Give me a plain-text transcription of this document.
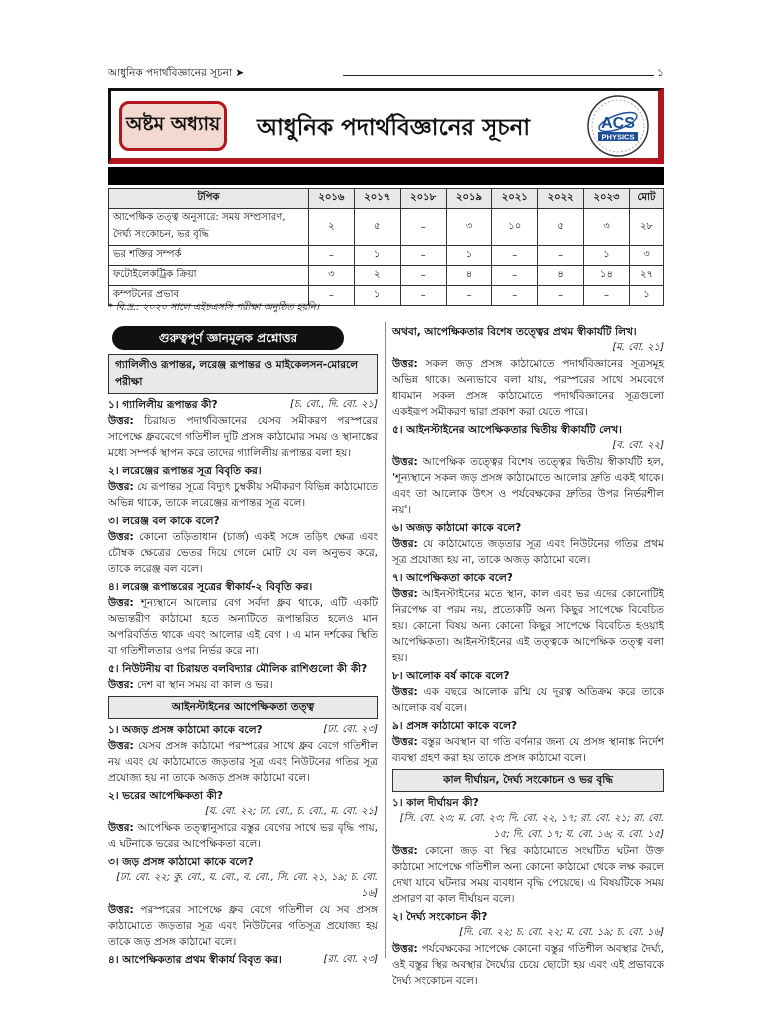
আধুনিক পদার্থবিজ্ঞানের সূচনা ➤	১
অষ্টম অধ্যায় আধুনিক পদার্থবিজ্ঞানের সূচনা	ACS
PHYSICS
টপিক	২০১৬	২০১৭	২০১৮	২০১৯	২০২১	২০২২	২০২৩	মোট
আপেক্ষিক তত্ত্ব অনুসারে: সময় সম্প্রসারণ, দৈর্ঘ্য সংকোচন, ভর বৃদ্ধি	২	৫	–	৩	১০	৫	৩	২৮
ভর শক্তির সম্পর্ক	–	১	–	১	–	–	১	৩
ফটোইলেকট্রিক ক্রিয়া	৩	২	–	৪	–	৪	১৪	২৭
কম্পটনের প্রভাব	–	১	–	–	–	–	–	১
* বি.দ্র.: ২০২০ সালে এইচএসসি পরীক্ষা অনুষ্ঠিত হয়নি।
গুরুত্বপূর্ণ জ্ঞানমূলক প্রশ্নোত্তর
গ্যালিলীও রূপান্তর, লরেঞ্জ রূপান্তর ও মাইকেলসন-মোরলে পরীক্ষা
১। গ্যালিলীয় রূপান্তর কী?	[চ. বো., দি. বো. ২১]

উত্তর: চিরায়ত পদার্থবিজ্ঞানের যেসব সমীকরণ পরস্পরের সাপেক্ষে ধ্রুববেগে গতিশীল দুটি প্রসঙ্গ কাঠামোর সময় ও স্থানাঙ্কের মধ্যে সম্পর্ক স্থাপন করে তাদের গ্যালিলীয় রূপান্তর বলা হয়।

২। লরেঞ্জের রূপান্তর সূত্র বিবৃতি কর।

উত্তর: যে রূপান্তর সূত্রে বিদ্যুৎ চুম্বকীয় সমীকরণ বিভিন্ন কাঠামোতে অভিন্ন থাকে, তাকে লরেঞ্জের রূপান্তর সূত্র বলে।

৩। লরেঞ্জ বল কাকে বলে?

উত্তর: কোনো তড়িতাধান (চার্জ) একই সঙ্গে তড়িৎ ক্ষেত্র এবং চৌম্বক ক্ষেত্রের ভেতর দিয়ে গেলে মোট যে বল অনুভব করে, তাকে লরেঞ্জ বল বলে।

৪। লরেঞ্জ রূপান্তরের সূত্রের স্বীকার্য-২ বিবৃতি কর।

উত্তর: শূন্যস্থানে আলোর বেগ সর্বদা ধ্রুব থাকে, এটি একটি অভ্যন্তরীণ কাঠামো হতে অন্যটিতে রূপান্তরিত হলেও মান অপরিবর্তিত থাকে এবং আলোর এই বেগ । এ মান দর্শকের স্থিতি বা গতিশীলতার ওপর নির্ভর করে না।

৫। নিউটনীয় বা চিরায়ত বলবিদ্যার মৌলিক রাশিগুলো কী কী?

উত্তর: দেশ বা স্থান সময় বা কাল ও ভর।

আইনস্টাইনের আপেক্ষিকতা তত্ত্ব
১। অজড় প্রসঙ্গ কাঠামো কাকে বলে?	[ঢা. বো. ২৩]

উত্তর: যেসব প্রসঙ্গ কাঠামো পরস্পরের সাথে ধ্রুব বেগে গতিশীল নয় এবং যে কাঠামোতে জড়তার সূত্র এবং নিউটনের গতির সূত্র প্রযোজ্য হয় না তাকে অজড় প্রসঙ্গ কাঠামো বলে।

২। ভরের আপেক্ষিকতা কী?
[য. বো. ২২; ঢা. বো., চ. বো., ম. বো. ২১]

উত্তর: আপেক্ষিক তত্ত্বানুসারে বস্তুর বেগের সাথে ভর বৃদ্ধি পায়, এ ঘটনাকে ভরের আপেক্ষিকতা বলে।

৩। জড় প্রসঙ্গ কাঠামো কাকে বলে?
[ঢা. বো. ২২; কু. বো., য. বো., ব. বো., সি. বো. ২১, ১৯; চ. বো. ১৬]

উত্তর: পরস্পরের সাপেক্ষে ধ্রুব বেগে গতিশীল যে সব প্রসঙ্গ কাঠামোতে জড়তার সূত্র এবং নিউটনের গতিসূত্র প্রযোজ্য হয় তাকে জড় প্রসঙ্গ কাঠামো বলে।

৪। আপেক্ষিকতার প্রথম স্বীকার্য বিবৃত কর।	[রা. বো. ২৩]
অথবা, আপেক্ষিকতার বিশেষ তত্ত্বের প্রথম স্বীকার্যটি লিখ।
[ম. বো. ২১]

উত্তর: সকল জড় প্রসঙ্গ কাঠামোতে পদার্থবিজ্ঞানের সূত্রসমূহ অভিন্ন থাকে। অন্যভাবে বলা যায়, পরস্পরের সাথে সমবেগে ধাবমান সকল প্রসঙ্গ কাঠামোতে পদার্থবিজ্ঞানের সূত্রগুলো একইরূপ সমীকরণ দ্বারা প্রকাশ করা যেতে পারে।

৫। আইনস্টাইনের আপেক্ষিকতার দ্বিতীয় স্বীকার্যটি লেখ।
[ব. বো. ২২]

উত্তর: আপেক্ষিক তত্ত্বের বিশেষ তত্ত্বের দ্বিতীয় স্বীকার্যটি হল, 'শূন্যস্থানে সকল জড় প্রসঙ্গ কাঠামোতে আলোর দ্রুতি একই থাকে। এবং তা আলোক উৎস ও পর্যবেক্ষকের দ্রুতির উপর নির্ভরশীল নয়'।

৬। অজড় কাঠামো কাকে বলে?

উত্তর: যে কাঠামোতে জড়তার সূত্র এবং নিউটনের গতির প্রথম সূত্র প্রযোজ্য হয় না, তাকে অজড় কাঠামো বলে।

৭। আপেক্ষিকতা কাকে বলে?

উত্তর: আইনস্টাইনের মতে স্থান, কাল এবং ভর এদের কোনোটিই নিরপেক্ষ বা পরম নয়, প্রত্যেকটি অন্য কিছুর সাপেক্ষে বিবেচিত হয়। কোনো বিষয় অন্য কোনো কিছুর সাপেক্ষে বিবেচিত হওয়াই আপেক্ষিকতা। আইনস্টাইনের এই তত্ত্বকে আপেক্ষিক তত্ত্ব বলা হয়।

৮। আলোক বর্ষ কাকে বলে?

উত্তর: এক বছরে আলোক রশ্মি যে দূরত্ব অতিক্রম করে তাকে আলোক বর্ষ বলে।

৯। প্রসঙ্গ কাঠামো কাকে বলে?

উত্তর: বস্তুর অবস্থান বা গতি বর্ণনার জন্য যে প্রসঙ্গ স্থানাঙ্ক নির্দেশ ব্যবস্থা গ্রহণ করা হয় তাকে প্রসঙ্গ কাঠামো বলে।

কাল দীর্ঘায়ন, দৈর্ঘ্য সংকোচন ও ভর বৃদ্ধি
১। কাল দীর্ঘায়ন কী?
[সি. বো. ২৩; ম. বো. ২৩; দি. বো. ২২, ১৭; রা. বো. ২১; রা. বো. ১৫; দি. বো. ১৭; য. বো. ১৬; ব. বো. ১৫]

উত্তর: কোনো জড় বা স্থির কাঠামোতে সংঘটিত ঘটনা উক্ত কাঠামো সাপেক্ষে গতিশীল অন্য কোনো কাঠামো থেকে লক্ষ করলে দেখা যাবে ঘটনার সময় ব্যবধান বৃদ্ধি পেয়েছে। এ বিষয়টিকে সময় প্রসারণ বা কাল দীর্ঘায়ন বলে।

২। দৈর্ঘ্য সংকোচন কী?
[দি. বো. ২২; চ. বো. ২২; ম. বো. ১৯; চ. বো. ১৬]

উত্তর: পর্যবেক্ষকের সাপেক্ষে কোনো বস্তুর গতিশীল অবস্থার দৈর্ঘ্য, ওই বস্তুর স্থির অবস্থার দৈর্ঘ্যের চেয়ে ছোটো হয় এবং এই প্রভাবকে দৈর্ঘ্য সংকোচন বলে।
